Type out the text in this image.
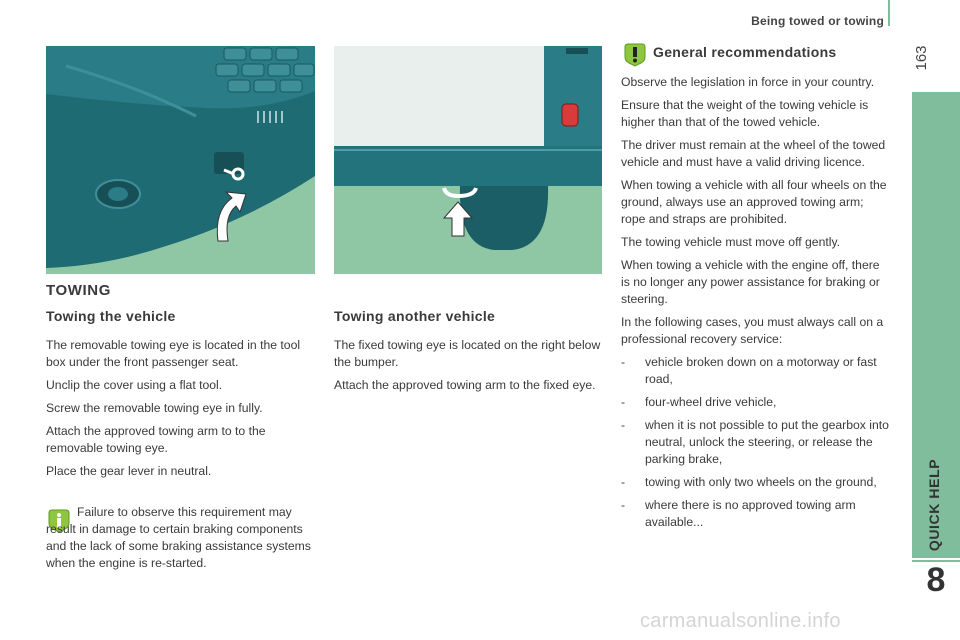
Being towed or towing
163
QUICK HELP
8
TOWING
Towing the vehicle

The removable towing eye is located in the tool box under the front passenger seat.

Unclip the cover using a flat tool.

Screw the removable towing eye in fully.

Attach the approved towing arm to to the removable towing eye.

Place the gear lever in neutral.

Failure to observe this requirement may result in damage to certain braking components and the lack of some braking assistance systems when the engine is re-started.

Towing another vehicle

The fixed towing eye is located on the right below the bumper.

Attach the approved towing arm to the fixed eye.

General recommendations

Observe the legislation in force in your country.

Ensure that the weight of the towing vehicle is higher than that of the towed vehicle.

The driver must remain at the wheel of the towed vehicle and must have a valid driving licence.

When towing a vehicle with all four wheels on the ground, always use an approved towing arm; rope and straps are prohibited.

The towing vehicle must move off gently.

When towing a vehicle with the engine off, there is no longer any power assistance for braking or steering.

In the following cases, you must always call on a professional recovery service:

- vehicle broken down on a motorway or fast road,
- four-wheel drive vehicle,
- when it is not possible to put the gearbox into neutral, unlock the steering, or release the parking brake,
- towing with only two wheels on the ground,
- where there is no approved towing arm available...
carmanualsonline.info
